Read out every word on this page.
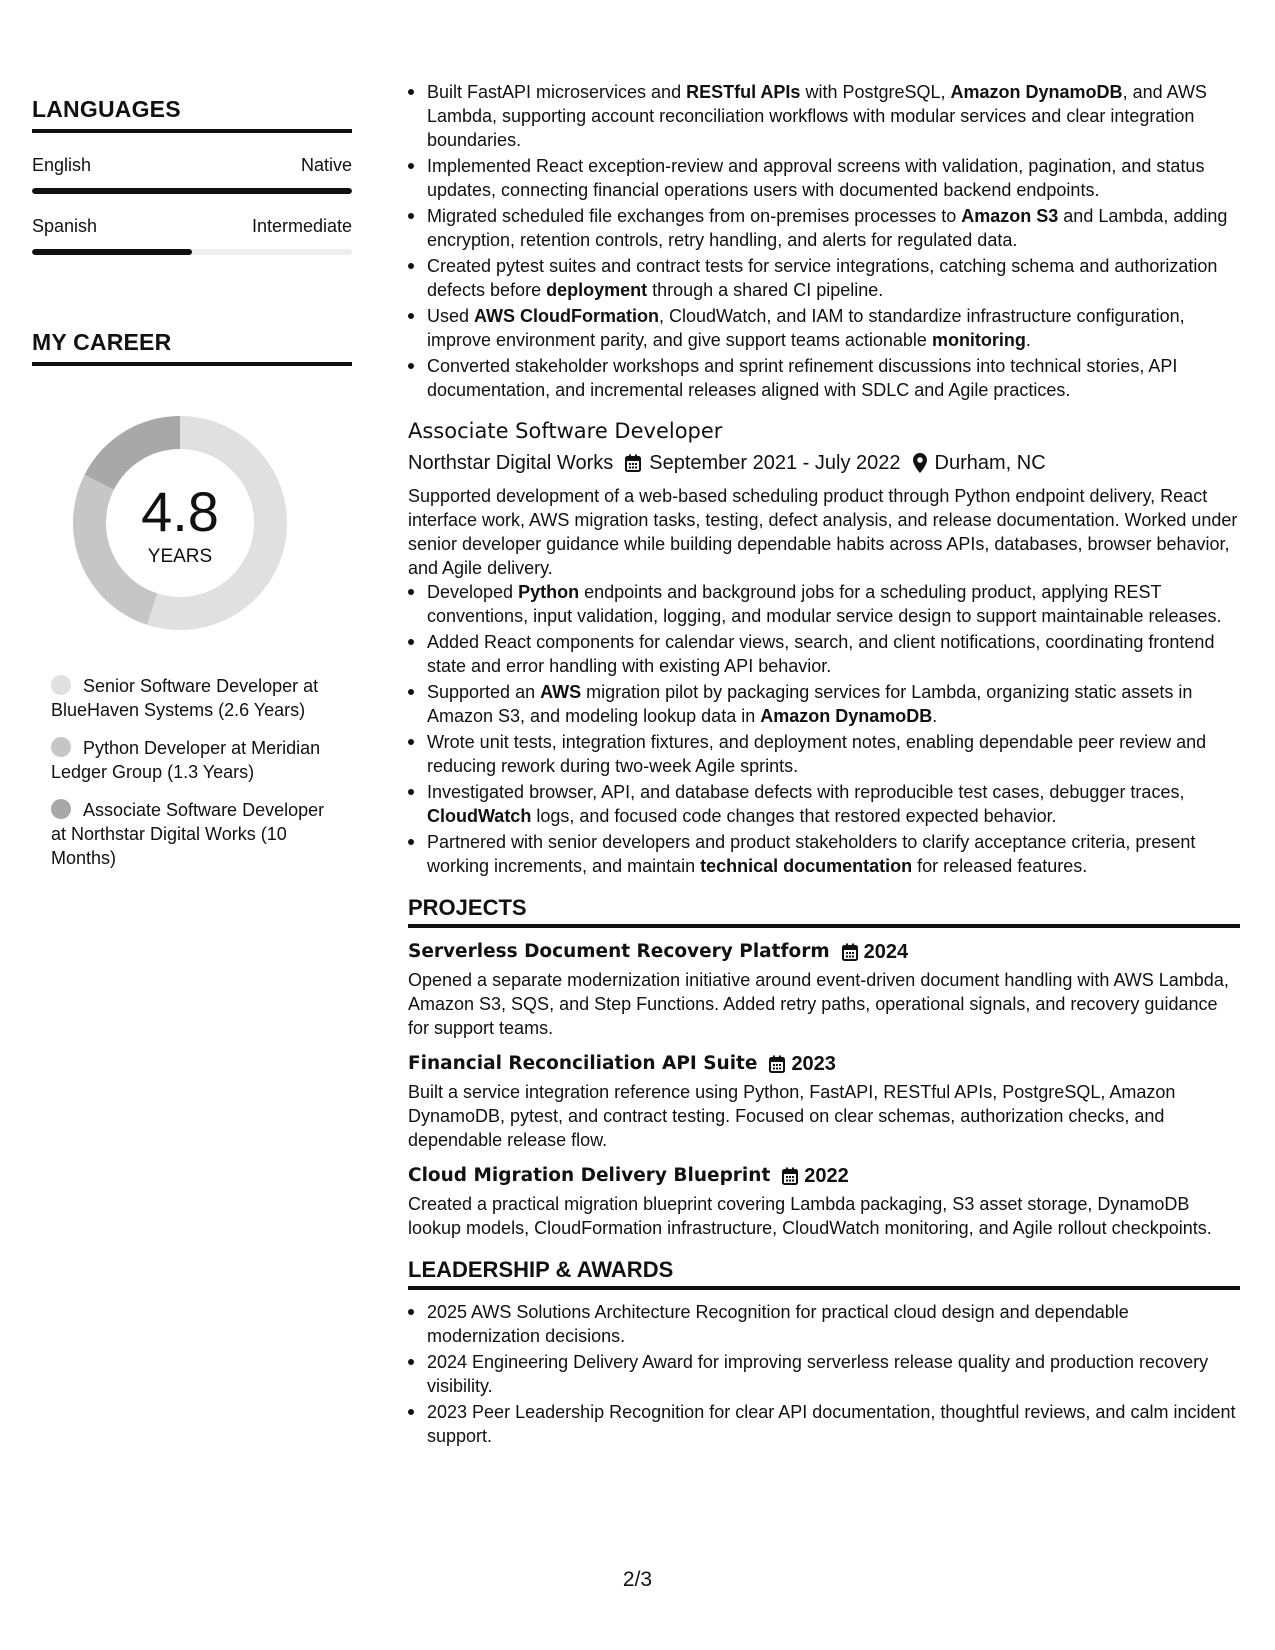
LANGUAGES
English	Native
Spanish	Intermediate
MY CAREER
4.8
YEARS
Senior Software Developer at BlueHaven Systems (2.6 Years)
Python Developer at Meridian Ledger Group (1.3 Years)
Associate Software Developer at Northstar Digital Works (10 Months)
Built FastAPI microservices and RESTful APIs with PostgreSQL, Amazon DynamoDB, and AWS Lambda, supporting account reconciliation workflows with modular services and clear integration boundaries.
Implemented React exception-review and approval screens with validation, pagination, and status updates, connecting financial operations users with documented backend endpoints.
Migrated scheduled file exchanges from on-premises processes to Amazon S3 and Lambda, adding encryption, retention controls, retry handling, and alerts for regulated data.
Created pytest suites and contract tests for service integrations, catching schema and authorization defects before deployment through a shared CI pipeline.
Used AWS CloudFormation, CloudWatch, and IAM to standardize infrastructure configuration, improve environment parity, and give support teams actionable monitoring.
Converted stakeholder workshops and sprint refinement discussions into technical stories, API documentation, and incremental releases aligned with SDLC and Agile practices.
Associate Software Developer
Northstar Digital Works September 2021 - July 2022 Durham, NC
Supported development of a web-based scheduling product through Python endpoint delivery, React interface work, AWS migration tasks, testing, defect analysis, and release documentation. Worked under senior developer guidance while building dependable habits across APIs, databases, browser behavior, and Agile delivery.
Developed Python endpoints and background jobs for a scheduling product, applying REST conventions, input validation, logging, and modular service design to support maintainable releases.
Added React components for calendar views, search, and client notifications, coordinating frontend state and error handling with existing API behavior.
Supported an AWS migration pilot by packaging services for Lambda, organizing static assets in Amazon S3, and modeling lookup data in Amazon DynamoDB.
Wrote unit tests, integration fixtures, and deployment notes, enabling dependable peer review and reducing rework during two-week Agile sprints.
Investigated browser, API, and database defects with reproducible test cases, debugger traces, CloudWatch logs, and focused code changes that restored expected behavior.
Partnered with senior developers and product stakeholders to clarify acceptance criteria, present working increments, and maintain technical documentation for released features.
PROJECTS
Serverless Document Recovery Platform 2024
Opened a separate modernization initiative around event-driven document handling with AWS Lambda, Amazon S3, SQS, and Step Functions. Added retry paths, operational signals, and recovery guidance for support teams.
Financial Reconciliation API Suite 2023
Built a service integration reference using Python, FastAPI, RESTful APIs, PostgreSQL, Amazon DynamoDB, pytest, and contract testing. Focused on clear schemas, authorization checks, and dependable release flow.
Cloud Migration Delivery Blueprint 2022
Created a practical migration blueprint covering Lambda packaging, S3 asset storage, DynamoDB lookup models, CloudFormation infrastructure, CloudWatch monitoring, and Agile rollout checkpoints.
LEADERSHIP & AWARDS
2025 AWS Solutions Architecture Recognition for practical cloud design and dependable modernization decisions.
2024 Engineering Delivery Award for improving serverless release quality and production recovery visibility.
2023 Peer Leadership Recognition for clear API documentation, thoughtful reviews, and calm incident support.
2/3
